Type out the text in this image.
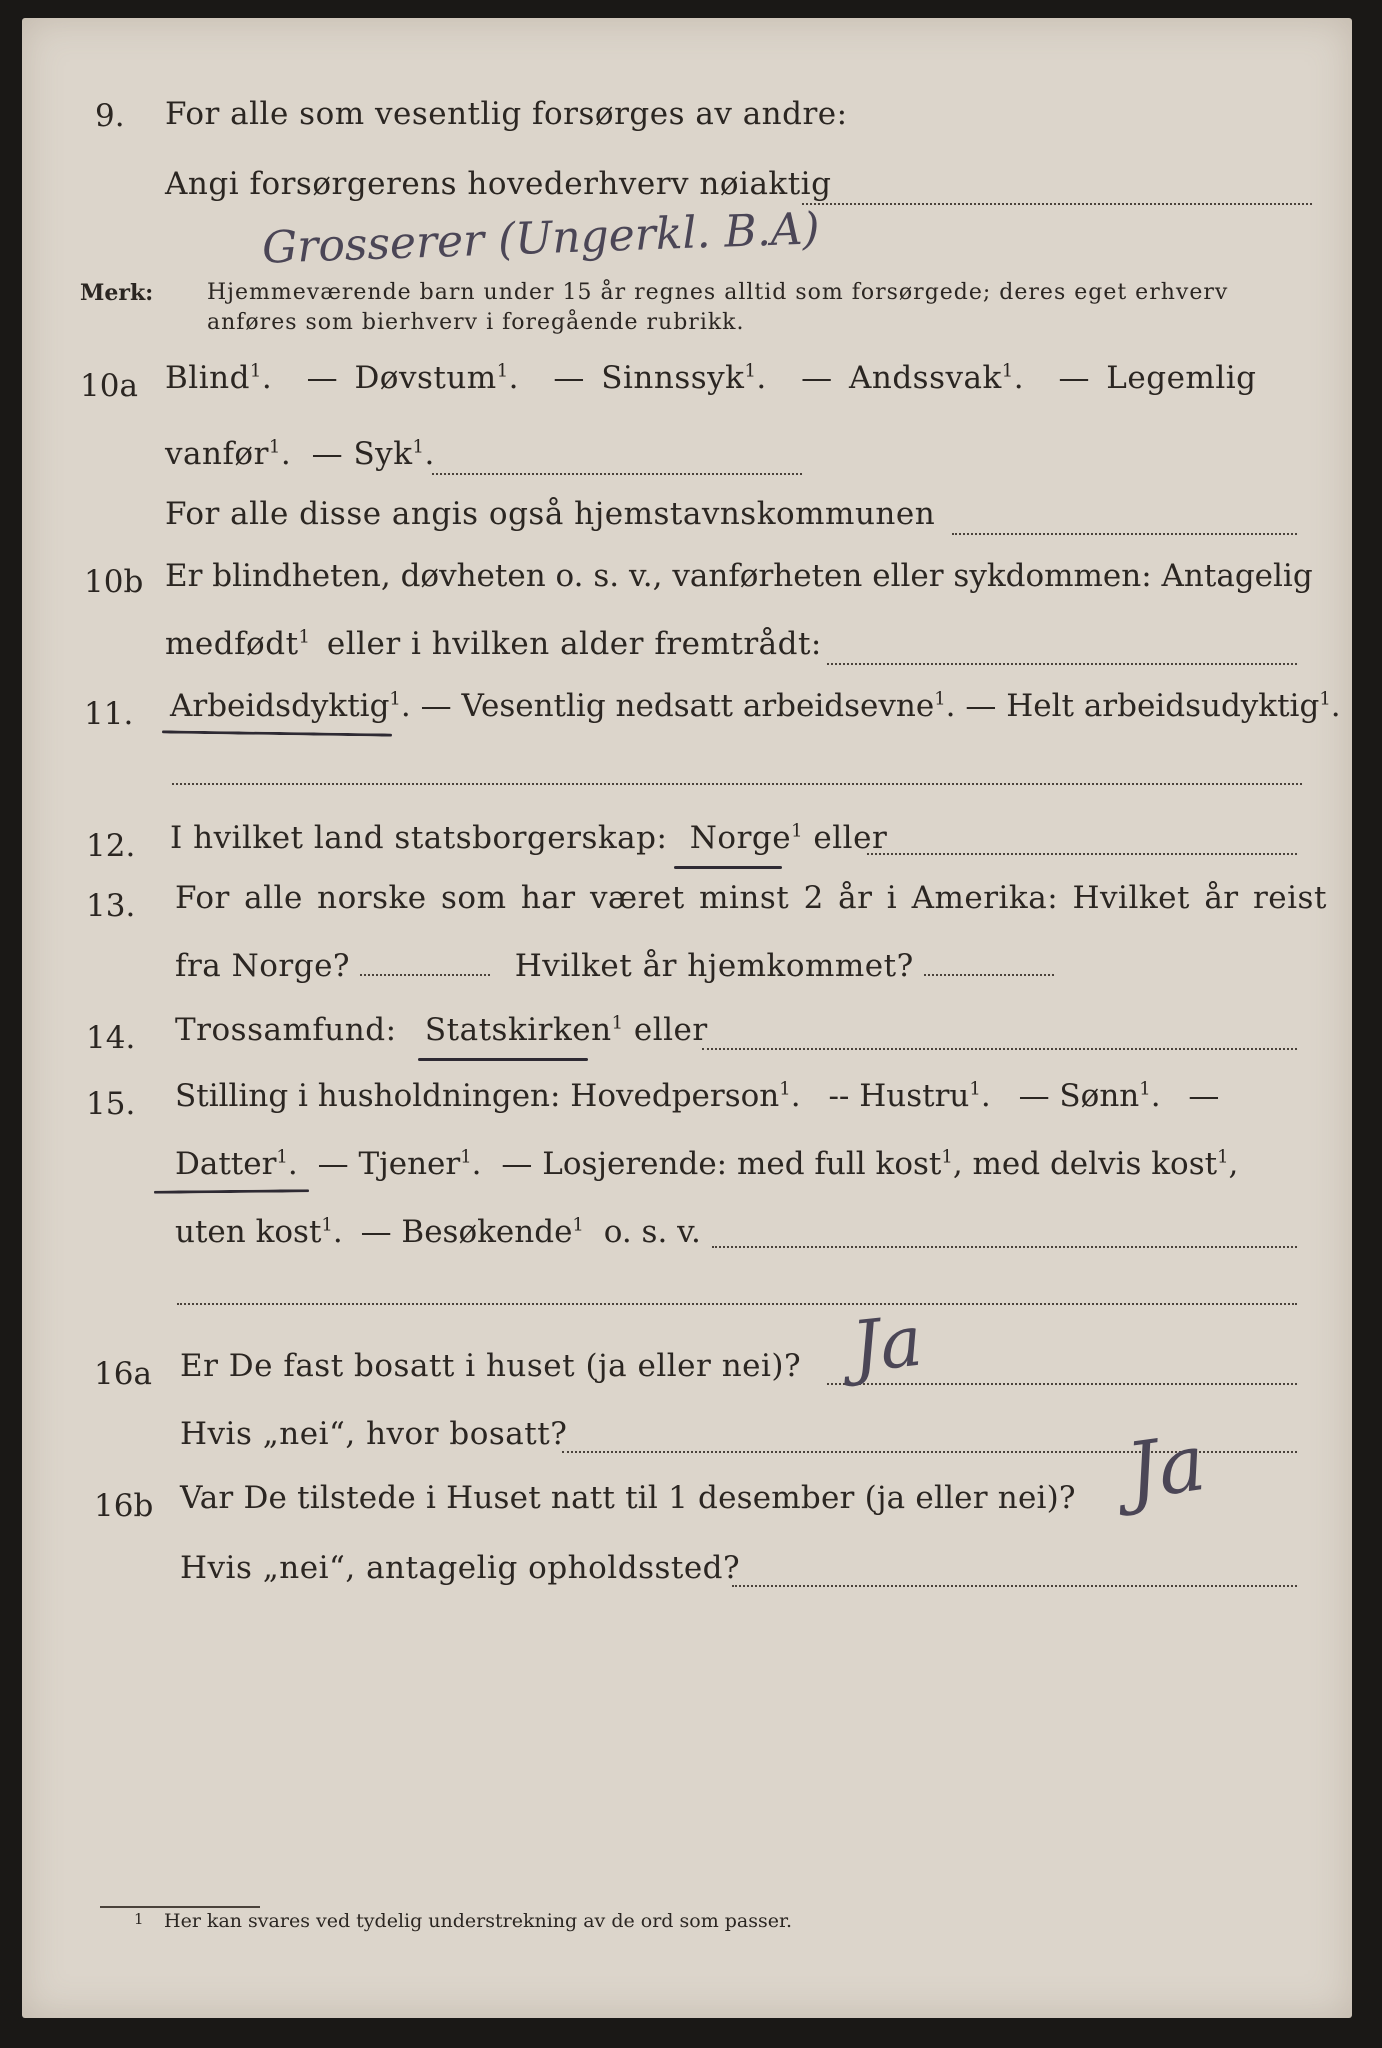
9. For alle som vesentlig forsørges av andre:
Angi forsørgerens hovederhverv nøiaktig
Grosserer (Ungerkl. B.A)
Merk: Hjemmeværende barn under 15 år regnes alltid som forsørgede; deres eget erhverv
anføres som bierhverv i foregående rubrikk.
10a Blind$^1$. — Døvstum$^1$. — Sinnssyk$^1$. — Andssvak$^1$. — Legemlig
vanfør$^1$. — Syk$^1$.
For alle disse angis også hjemstavnskommunen
10b Er blindheten, døvheten o. s. v., vanførheten eller sykdommen: Antagelig
medfødt$^1$ eller i hvilken alder fremtrådt:
11. Arbeidsdyktig$^1$. — Vesentlig nedsatt arbeidsevne$^1$. — Helt arbeidsudyktig$^1$.
12. I hvilket land statsborgerskap: Norge$^1$ eller
13. For alle norske som har været minst 2 år i Amerika: Hvilket år reist
fra Norge?	Hvilket år hjemkommet?
14. Trossamfund: Statskirken$^1$ eller
15. Stilling i husholdningen: Hovedperson$^1$. -- Hustru$^1$. — Sønn$^1$. —
Datter$^1$. — Tjener$^1$. — Losjerende: med full kost$^1$, med delvis kost$^1$,
uten kost$^1$. — Besøkende$^1$ o. s. v.
16a Er De fast bosatt i huset (ja eller nei)? Ja
Hvis „nei“, hvor bosatt?
16b Var De tilstede i Huset natt til 1 desember (ja eller nei)? Ja
Hvis „nei“, antagelig opholdssted?
1 Her kan svares ved tydelig understrekning av de ord som passer.
